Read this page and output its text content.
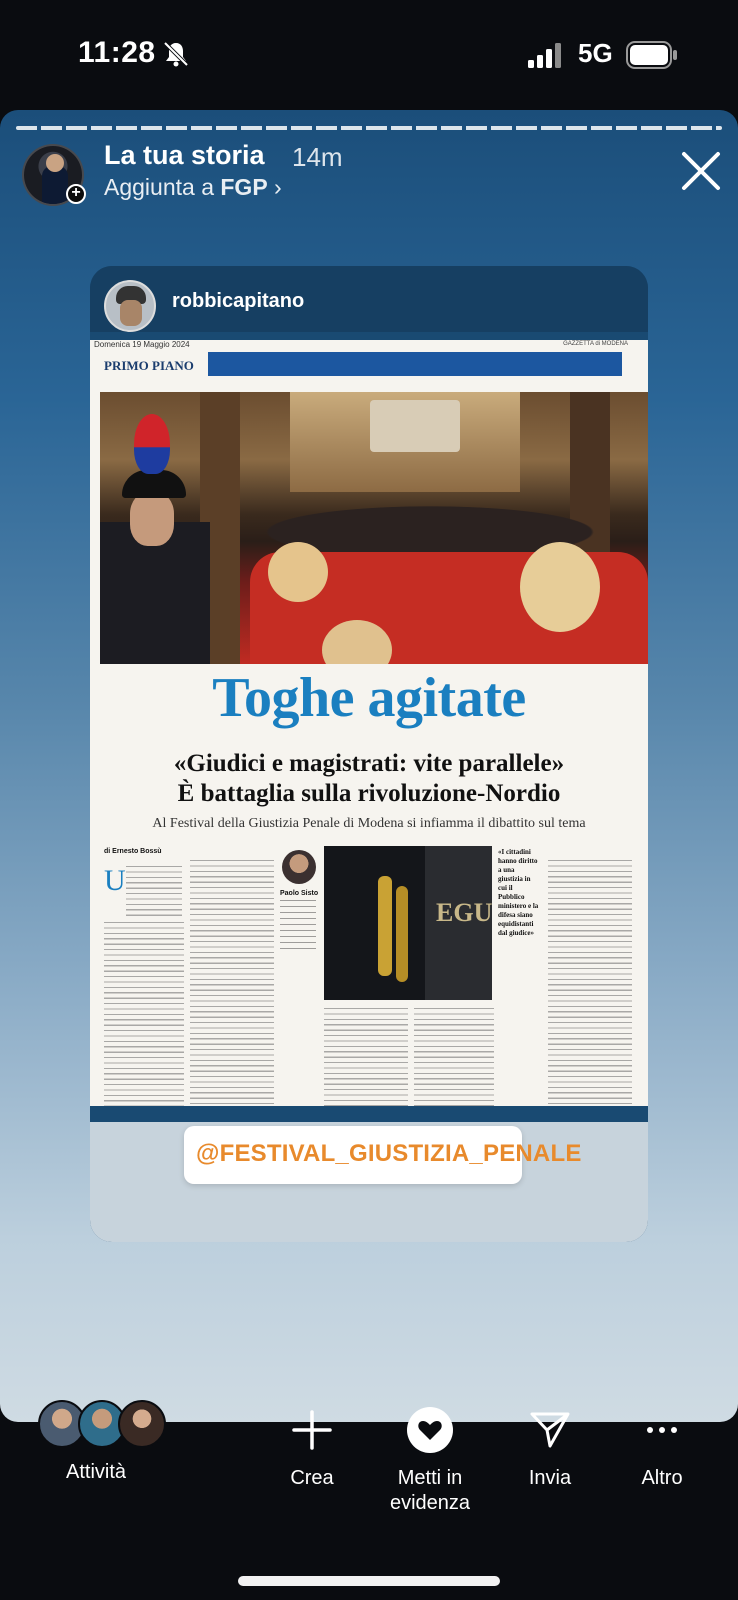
11:28	5G
+
La tua storia 14m
Aggiunta a FGP ›
robbicapitano
Domenica 19 Maggio 2024	GAZZETTA di MODENA
PRIMO PIANO
Toghe agitate
«Giudici e magistrati: vite parallele»
È battaglia sulla rivoluzione-Nordio
Al Festival della Giustizia Penale di Modena si infiamma il dibattito sul tema
di Ernesto Bossù
U	Paolo Sisto
EGU
«I cittadini hanno diritto a una giustizia in cui il Pubblico ministero e la difesa siano equidistanti dal giudice»
@FESTIVAL_GIUSTIZIA_PENALE
Attività	Crea	Metti in
evidenza
Invia	Altro
